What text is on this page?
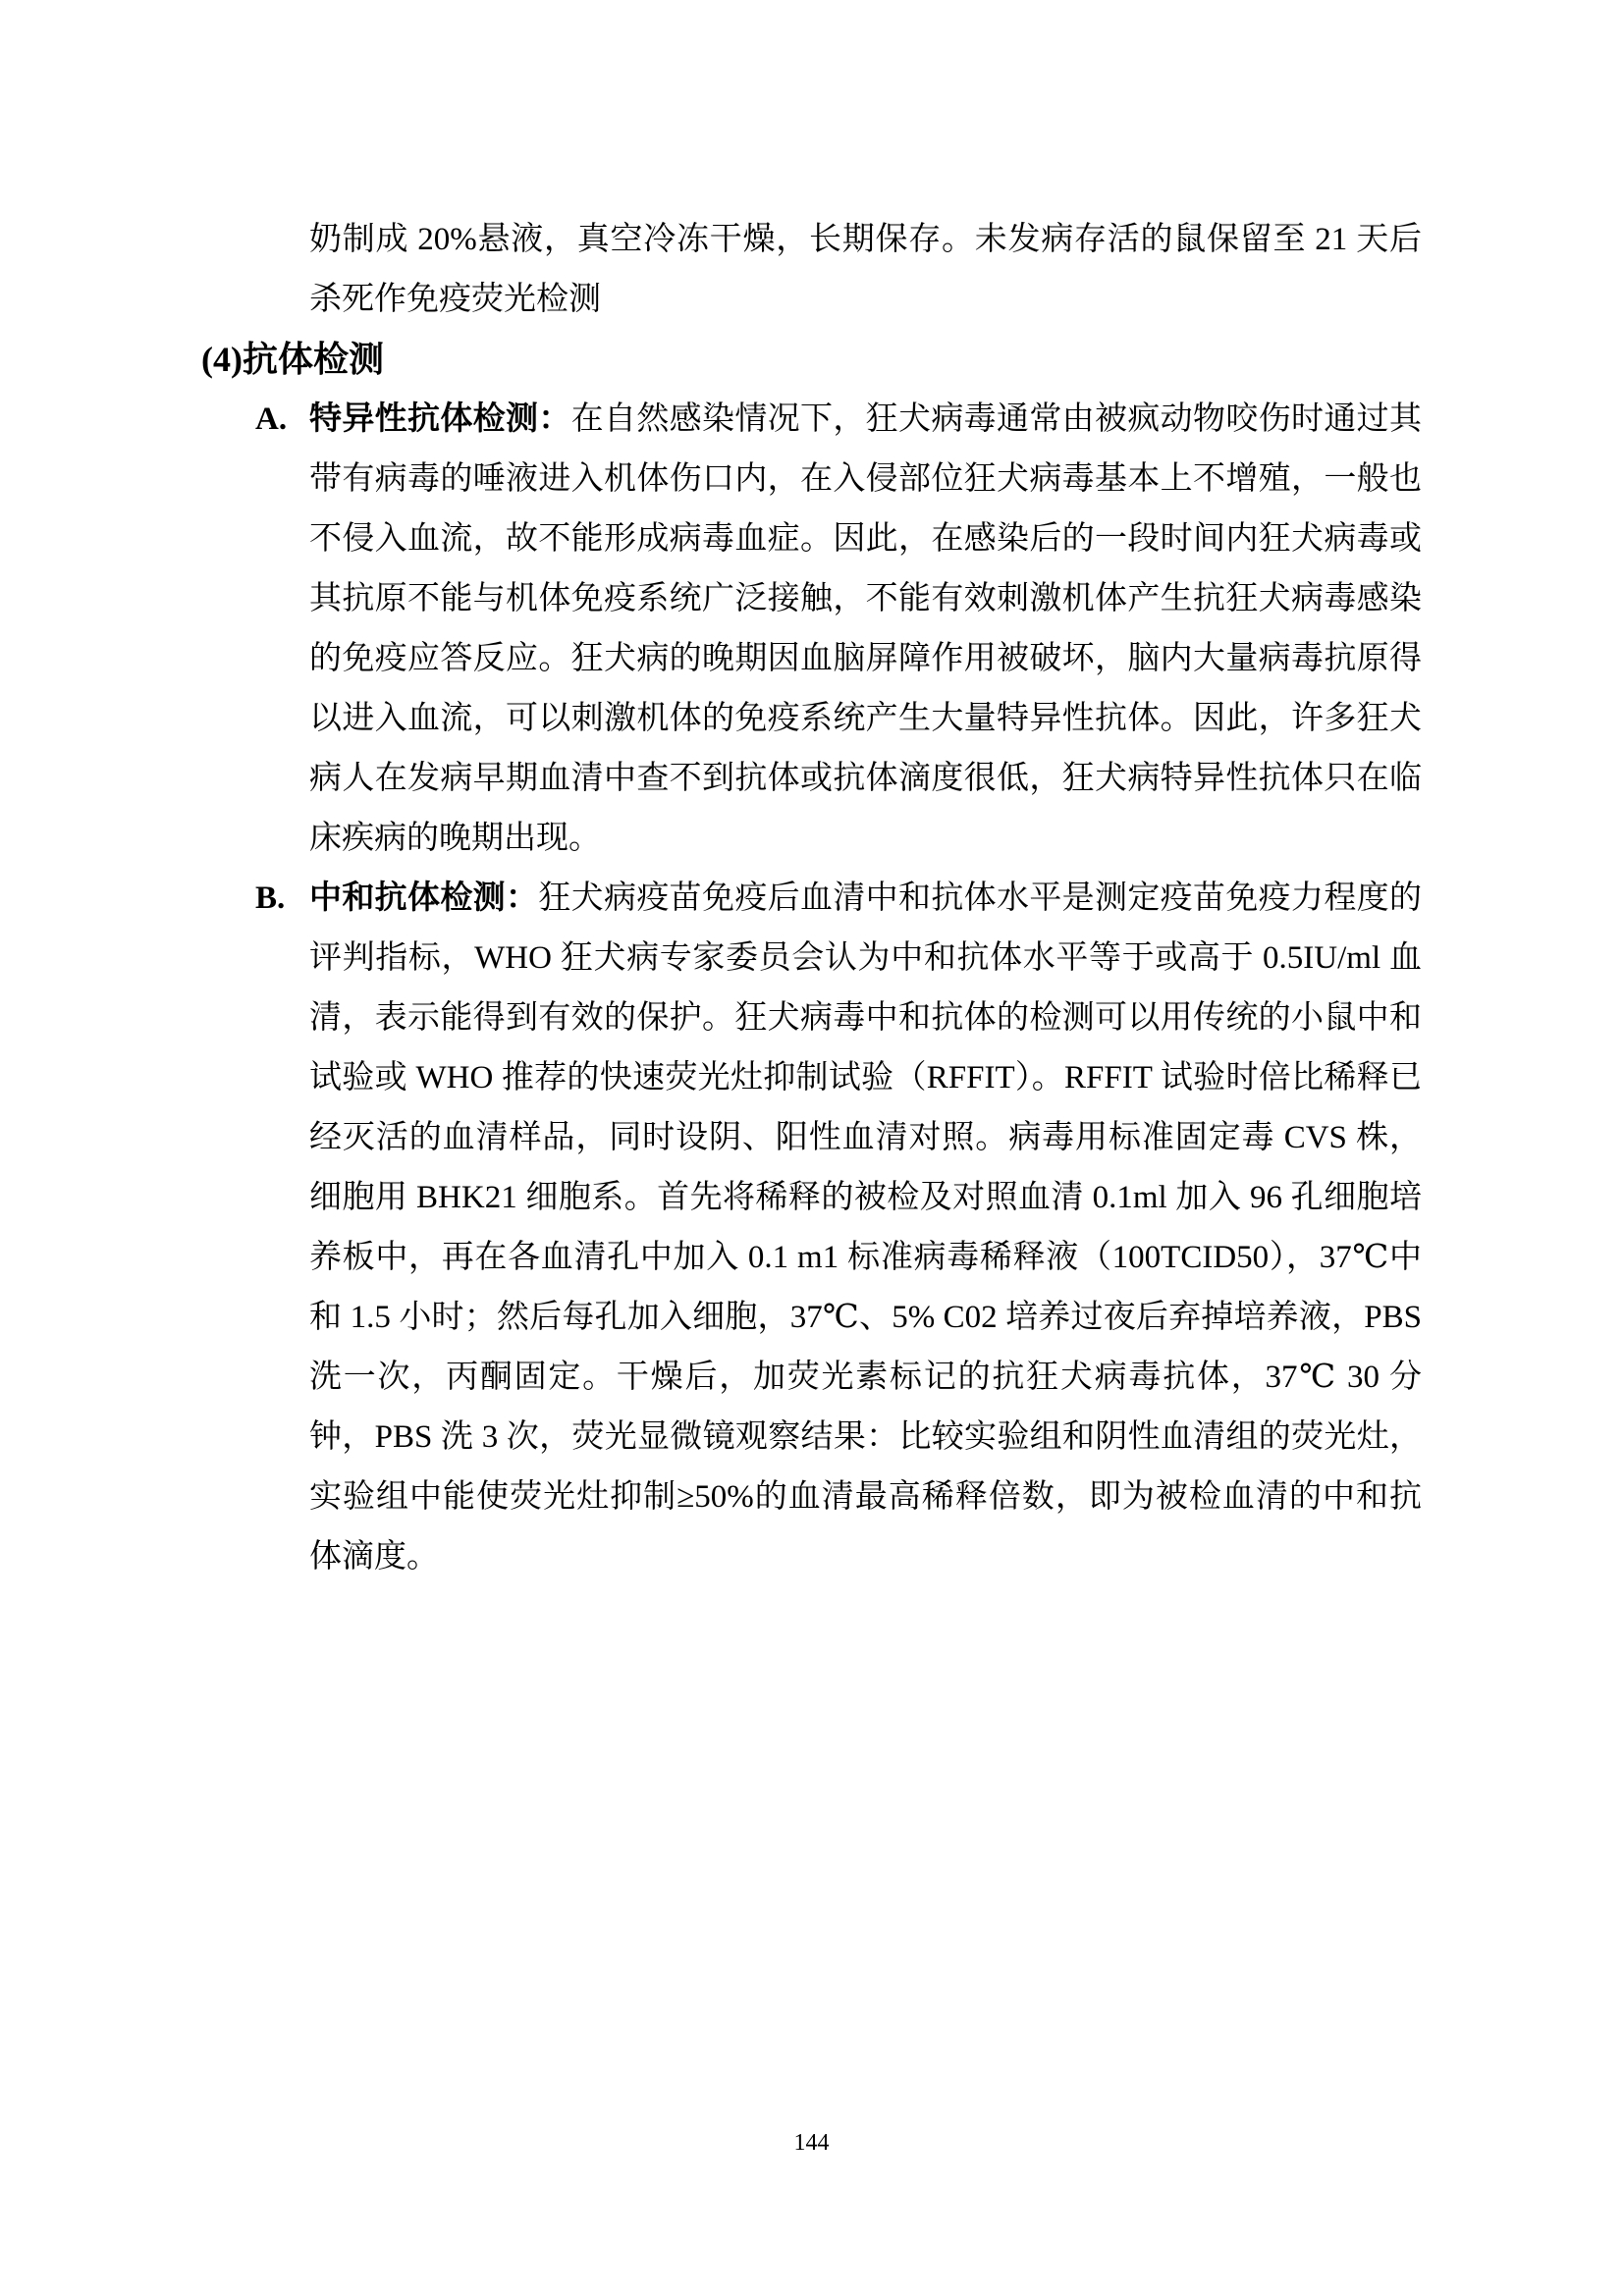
奶制成 20%悬液，真空冷冻干燥，长期保存。未发病存活的鼠保留至 21 天后杀死作免疫荧光检测
(4)抗体检测
A. 特异性抗体检测：在自然感染情况下，狂犬病毒通常由被疯动物咬伤时通过其带有病毒的唾液进入机体伤口内，在入侵部位狂犬病毒基本上不增殖，一般也不侵入血流，故不能形成病毒血症。因此，在感染后的一段时间内狂犬病毒或其抗原不能与机体免疫系统广泛接触，不能有效刺激机体产生抗狂犬病毒感染的免疫应答反应。狂犬病的晚期因血脑屏障作用被破坏，脑内大量病毒抗原得以进入血流，可以刺激机体的免疫系统产生大量特异性抗体。因此，许多狂犬病人在发病早期血清中查不到抗体或抗体滴度很低，狂犬病特异性抗体只在临床疾病的晚期出现。
B. 中和抗体检测：狂犬病疫苗免疫后血清中和抗体水平是测定疫苗免疫力程度的评判指标，WHO 狂犬病专家委员会认为中和抗体水平等于或高于 0.5IU/ml 血清，表示能得到有效的保护。狂犬病毒中和抗体的检测可以用传统的小鼠中和试验或 WHO 推荐的快速荧光灶抑制试验（RFFIT）。RFFIT 试验时倍比稀释已经灭活的血清样品，同时设阴、阳性血清对照。病毒用标准固定毒 CVS 株，细胞用 BHK21 细胞系。首先将稀释的被检及对照血清 0.1ml 加入 96 孔细胞培养板中，再在各血清孔中加入 0.1 m1 标准病毒稀释液（100TCID50），37℃中和 1.5 小时；然后每孔加入细胞，37℃、5% C02 培养过夜后弃掉培养液，PBS 洗一次，丙酮固定。干燥后，加荧光素标记的抗狂犬病毒抗体，37℃ 30 分钟，PBS 洗 3 次，荧光显微镜观察结果：比较实验组和阴性血清组的荧光灶，实验组中能使荧光灶抑制≥50%的血清最高稀释倍数，即为被检血清的中和抗体滴度。
144
